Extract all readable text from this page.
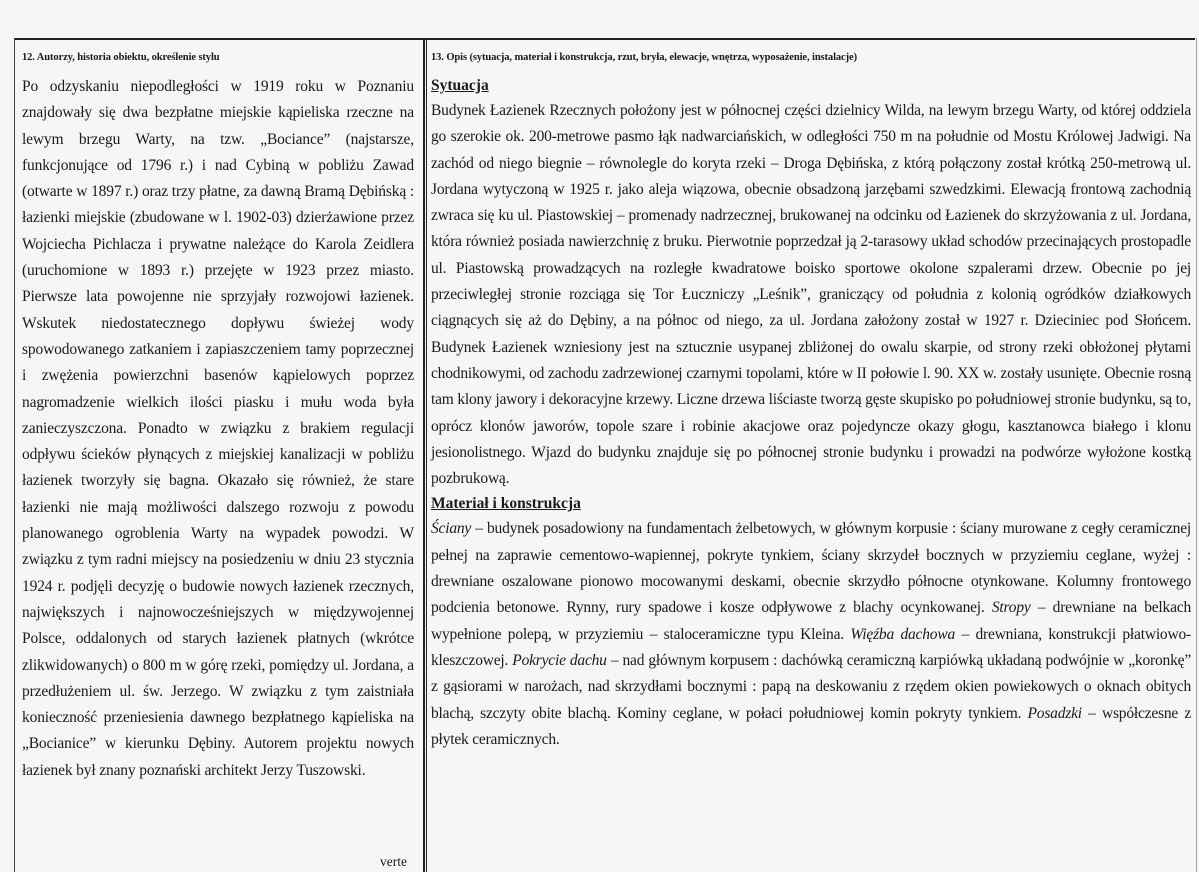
12. Autorzy, historia obiektu, określenie stylu

Po odzyskaniu niepodległości w 1919 roku w Poznaniu znajdowały się dwa bezpłatne miejskie kąpieliska rzeczne na lewym brzegu Warty, na tzw. „Bociance” (najstarsze, funkcjonujące od 1796 r.) i nad Cybiną w pobliżu Zawad (otwarte w 1897 r.) oraz trzy płatne, za dawną Bramą Dębińską : łazienki miejskie (zbudowane w l. 1902-03) dzierżawione przez Wojciecha Pichlacza i prywatne należące do Karola Zeidlera (uruchomione w 1893 r.) przejęte w 1923 przez miasto. Pierwsze lata powojenne nie sprzyjały rozwojowi łazienek. Wskutek niedostatecznego dopływu świeżej wody spowodowanego zatkaniem i zapiaszczeniem tamy poprzecznej i zwężenia powierzchni basenów kąpielowych poprzez nagromadzenie wielkich ilości piasku i mułu woda była zanieczyszczona. Ponadto w związku z brakiem regulacji odpływu ścieków płynących z miejskiej kanalizacji w pobliżu łazienek tworzyły się bagna. Okazało się również, że stare łazienki nie mają możliwości dalszego rozwoju z powodu planowanego ogroblenia Warty na wypadek powodzi. W związku z tym radni miejscy na posiedzeniu w dniu 23 stycznia 1924 r. podjęli decyzję o budowie nowych łazienek rzecznych, największych i najnowocześniejszych w międzywojennej Polsce, oddalonych od starych łazienek płatnych (wkrótce zlikwidowanych) o 800 m w górę rzeki, pomiędzy ul. Jordana, a przedłużeniem ul. św. Jerzego. W związku z tym zaistniała konieczność przeniesienia dawnego bezpłatnego kąpieliska na „Bocianice” w kierunku Dębiny. Autorem projektu nowych łazienek był znany poznański architekt Jerzy Tuszowski.

13. Opis (sytuacja, materiał i konstrukcja, rzut, bryła, elewacje, wnętrza, wyposażenie, instalacje)
Sytuacja

Budynek Łazienek Rzecznych położony jest w północnej części dzielnicy Wilda, na lewym brzegu Warty, od której oddziela go szerokie ok. 200-metrowe pasmo łąk nadwarciańskich, w odległości 750 m na południe od Mostu Królowej Jadwigi. Na zachód od niego biegnie – równolegle do koryta rzeki – Droga Dębińska, z którą połączony został krótką 250-metrową ul. Jordana wytyczoną w 1925 r. jako aleja wiązowa, obecnie obsadzoną jarzębami szwedzkimi. Elewacją frontową zachodnią zwraca się ku ul. Piastowskiej – promenady nadrzecznej, brukowanej na odcinku od Łazienek do skrzyżowania z ul. Jordana, która również posiada nawierzchnię z bruku. Pierwotnie poprzedzał ją 2-tarasowy układ schodów przecinających prostopadle ul. Piastowską prowadzących na rozległe kwadratowe boisko sportowe okolone szpalerami drzew. Obecnie po jej przeciwległej stronie rozciąga się Tor Łuczniczy „Leśnik”, graniczący od południa z kolonią ogródków działkowych ciągnących się aż do Dębiny, a na północ od niego, za ul. Jordana założony został w 1927 r. Dzieciniec pod Słońcem. Budynek Łazienek wzniesiony jest na sztucznie usypanej zbliżonej do owalu skarpie, od strony rzeki obłożonej płytami chodnikowymi, od zachodu zadrzewionej czarnymi topolami, które w II połowie l. 90. XX w. zostały usunięte. Obecnie rosną tam klony jawory i dekoracyjne krzewy. Liczne drzewa liściaste tworzą gęste skupisko po południowej stronie budynku, są to, oprócz klonów jaworów, topole szare i robinie akacjowe oraz pojedyncze okazy głogu, kasztanowca białego i klonu jesionolistnego. Wjazd do budynku znajduje się po północnej stronie budynku i prowadzi na podwórze wyłożone kostką pozbrukową.

Materiał i konstrukcja

Ściany – budynek posadowiony na fundamentach żelbetowych, w głównym korpusie : ściany murowane z cegły ceramicznej pełnej na zaprawie cementowo-wapiennej, pokryte tynkiem, ściany skrzydeł bocznych w przyziemiu ceglane, wyżej : drewniane oszalowane pionowo mocowanymi deskami, obecnie skrzydło północne otynkowane. Kolumny frontowego podcienia betonowe. Rynny, rury spadowe i kosze odpływowe z blachy ocynkowanej. Stropy – drewniane na belkach wypełnione polepą, w przyziemiu – staloceramiczne typu Kleina. Więźba dachowa – drewniana, konstrukcji płatwiowo-kleszczowej. Pokrycie dachu – nad głównym korpusem : dachówką ceramiczną karpiówką układaną podwójnie w „koronkę” z gąsiorami w narożach, nad skrzydłami bocznymi : papą na deskowaniu z rzędem okien powiekowych o oknach obitych blachą, szczyty obite blachą. Kominy ceglane, w połaci południowej komin pokryty tynkiem. Posadzki – współczesne z płytek ceramicznych.

verte
